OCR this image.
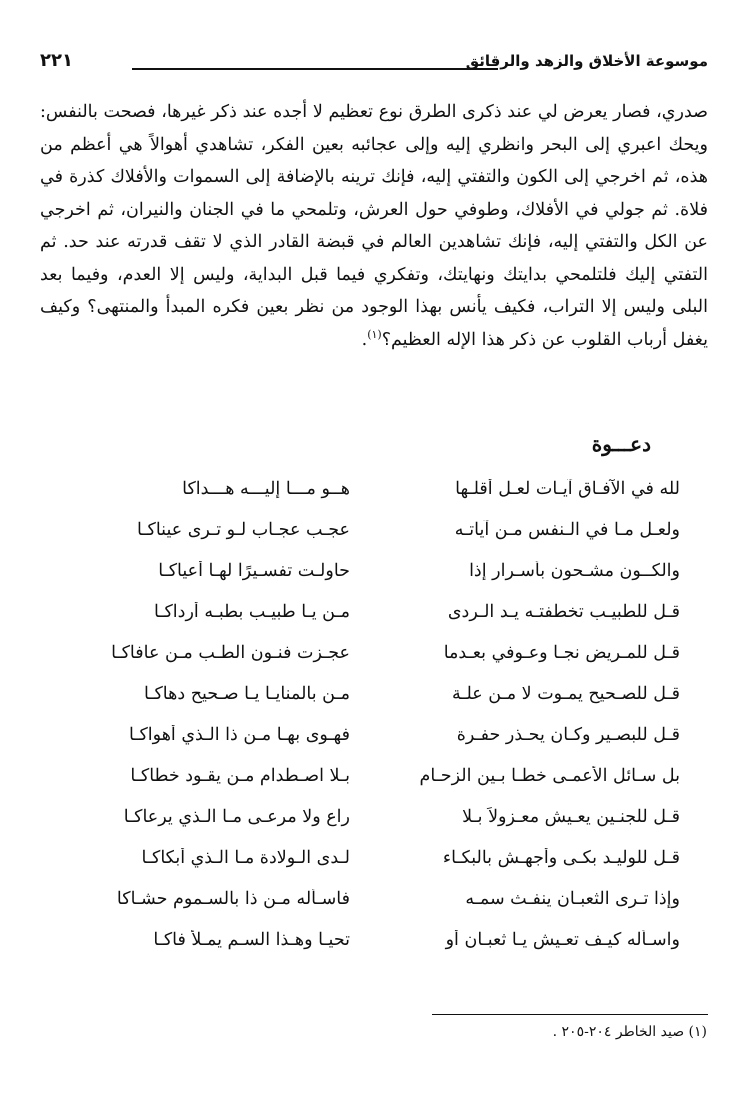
موسوعة الأخلاق والزهد والرقائق
٢٢١

صدري، فصار يعرض لي عند ذكرى الطرق نوع تعظيم لا أجده عند ذكر غيرها، فصحت بالنفس: ويحك اعبري إلى البحر وانظري إليه وإلى عجائبه بعين الفكر، تشاهدي أهوالاً هي أعظم من هذه، ثم اخرجي إلى الكون والتفتي إليه، فإنك ترينه بالإضافة إلى السموات والأفلاك كذرة في فلاة. ثم جولي في الأفلاك، وطوفي حول العرش، وتلمحي ما في الجنان والنيران، ثم اخرجي عن الكل والتفتي إليه، فإنك تشاهدين العالم في قبضة القادر الذي لا تقف قدرته عند حد. ثم التفتي إليك فلتلمحي بدايتك ونهايتك، وتفكري فيما قبل البداية، وليس إلا العدم، وفيما بعد البلى وليس إلا التراب، فكيف يأنس بهذا الوجود من نظر بعين فكره المبدأ والمنتهى؟ وكيف يغفل أرباب القلوب عن ذكر هذا الإله العظيم؟$^{(١)}$.

دعـــوة
لله في الآفـاق آيـات لعـل أقلـها
هــو مـــا إليـــه هـــداكا
ولعـل مـا في الـنفس مـن آياتـه
عجـب عجـاب لـو تـرى عيناكـا
والكــون مشـحون بأسـرار إذا
حاولـت تفسـيرًا لهـا أعياكـا
قـل للطبيـب تخطفتـه يـد الـردى
مـن يـا طبيـب بطبـه أرداكـا
قـل للمـريض نجـا وعـوفي بعـدما
عجـزت فنـون الطـب مـن عافاكـا
قـل للصـحيح يمـوت لا مـن علـة
مـن بالمنايـا يـا صـحيح دهاكـا
قـل للبصـير وكـان يحـذر حفـرة
فهـوى بهـا مـن ذا الـذي أهواكـا
بل سـائل الأعمـى خطـا بـين الزحـام
بـلا اصـطدام مـن يقـود خطاكـا
قـل للجنـين يعـيش معـزولاً بـلا
راع ولا مرعـى مـا الـذي يرعاكـا
قـل للوليـد بكـى وأجهـش بالبكـاء
لـدى الـولادة مـا الـذي أبكاكـا
وإذا تـرى الثعبـان ينفـث سمـه
فاسـأله مـن ذا بالسـموم حشـاكا
واسـأله كيـف تعـيش يـا ثعبـان أو
تحيـا وهـذا السـم يمـلأ فاكـا
(١) صيد الخاطر ٢٠٤-٢٠٥ .
